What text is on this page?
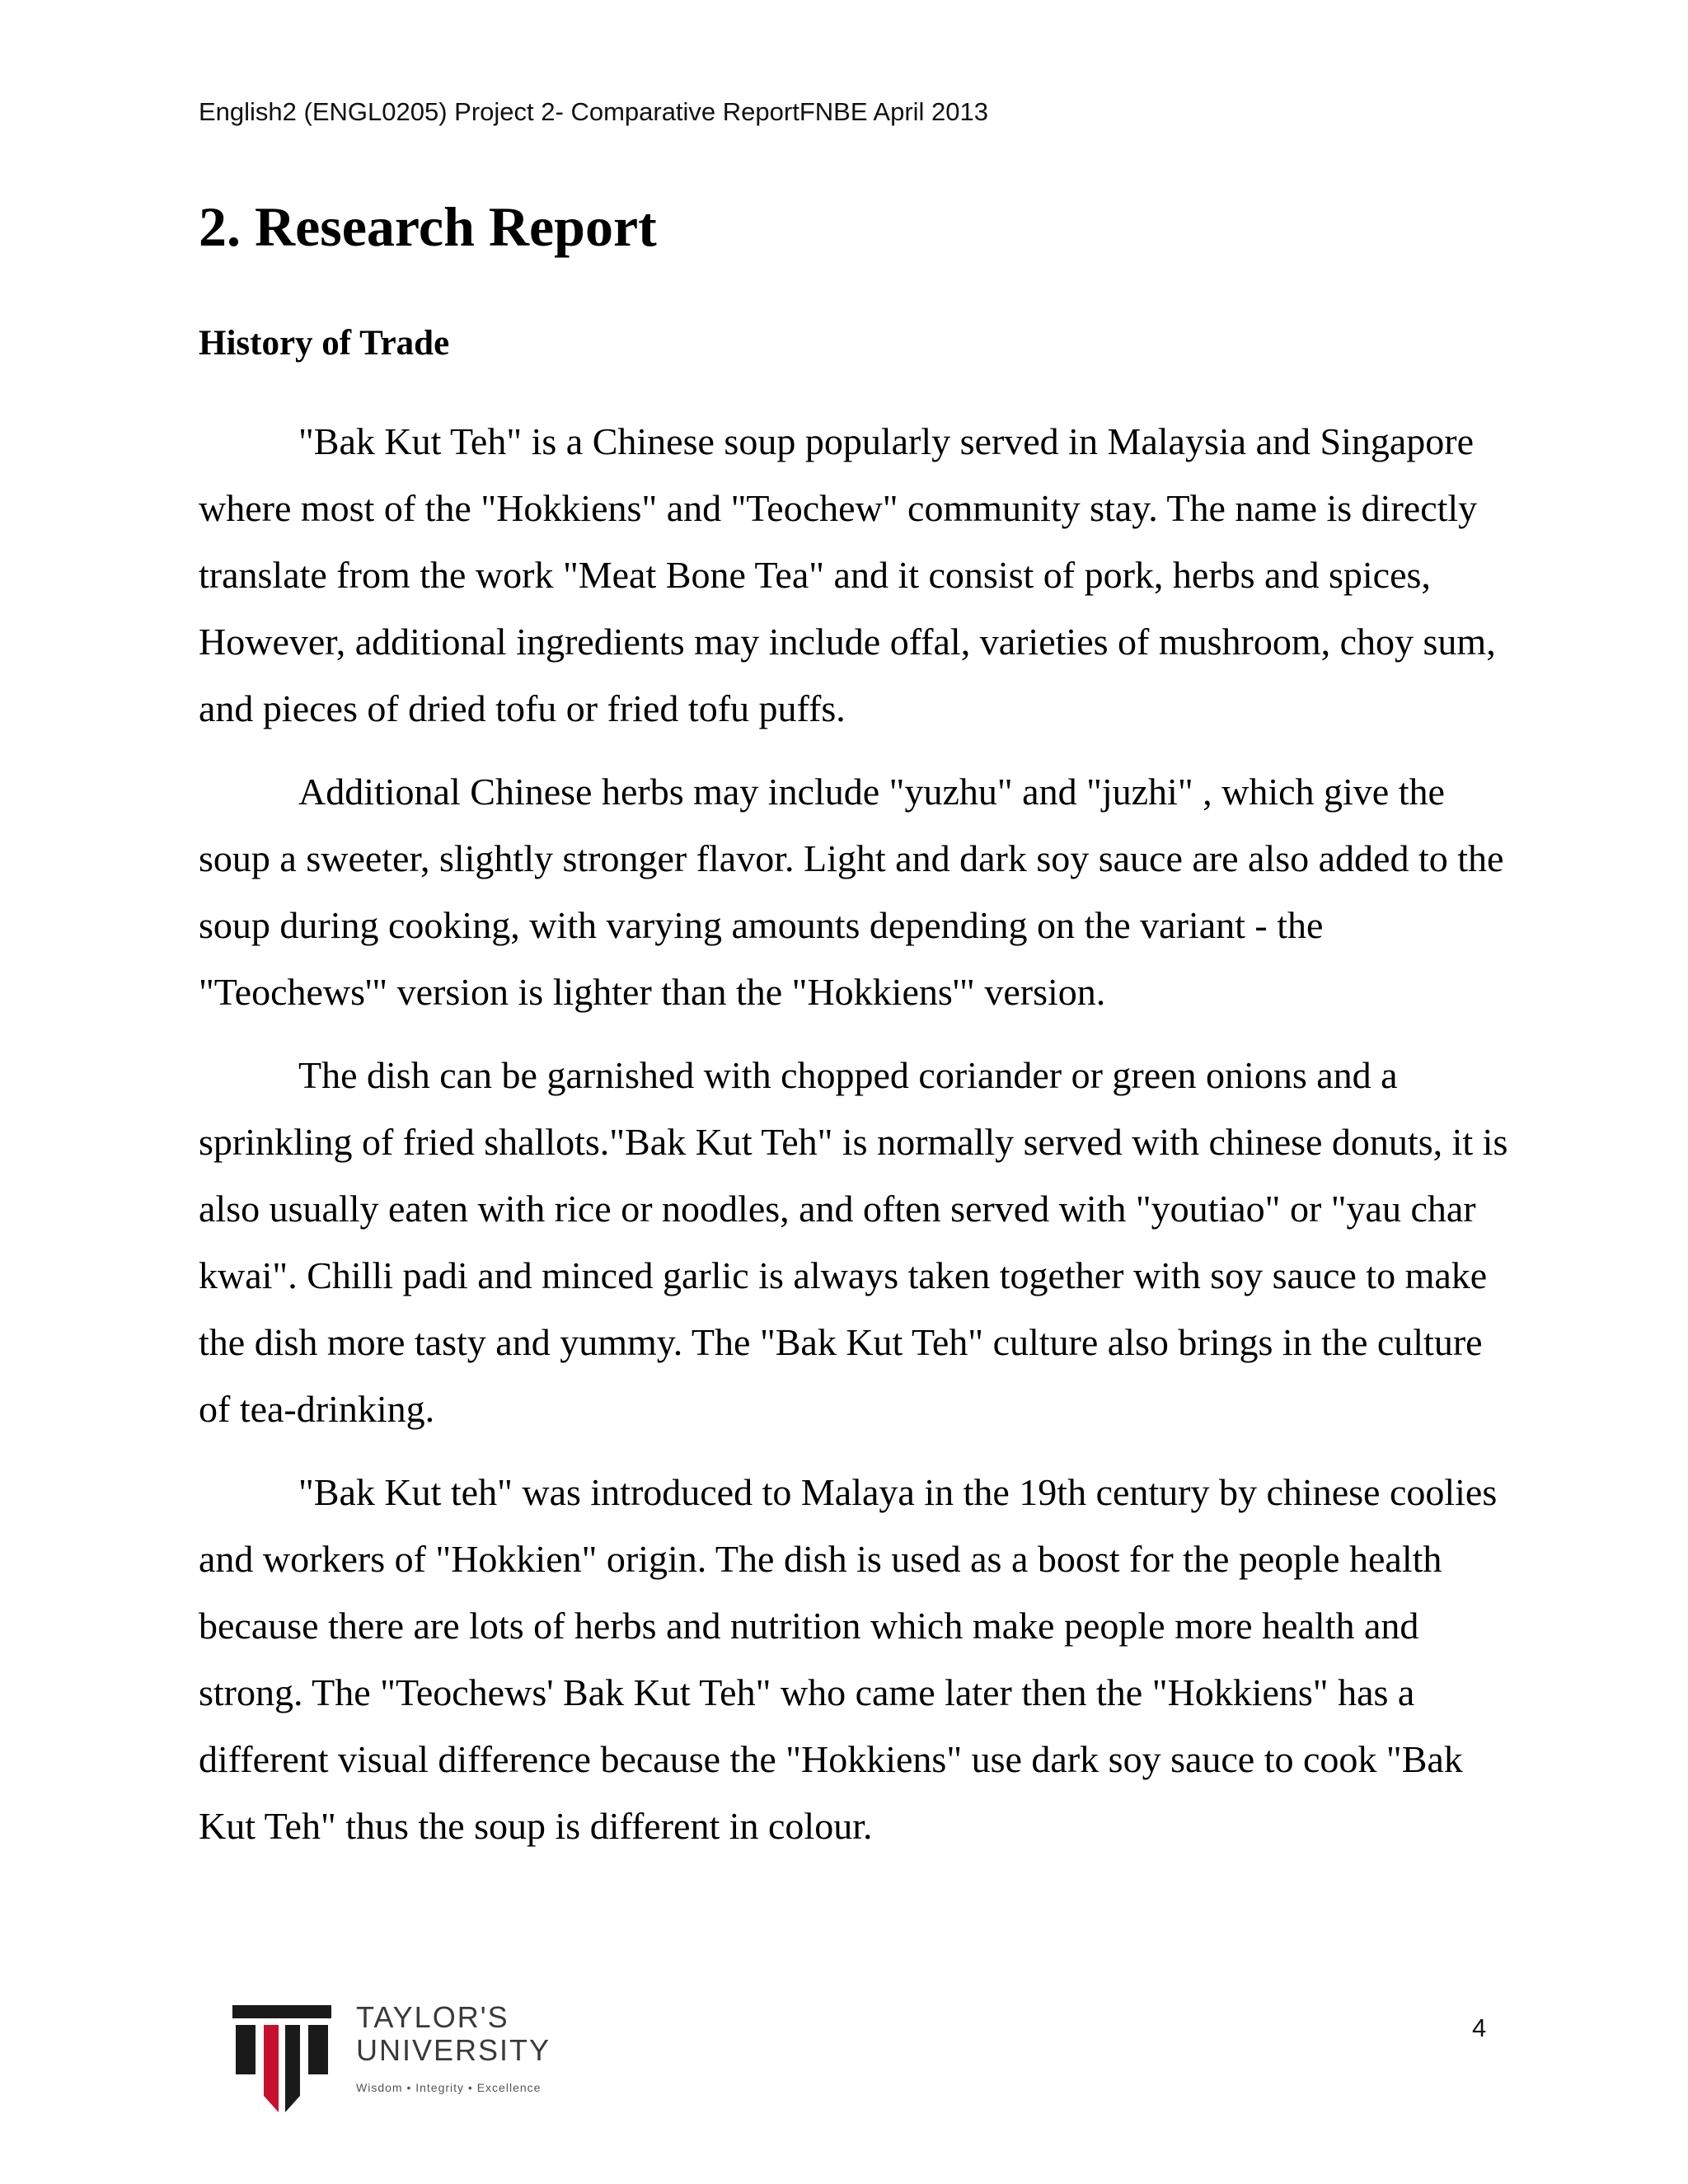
English2 (ENGL0205) Project 2- Comparative ReportFNBE April 2013
2. Research Report
History of Trade

"Bak Kut Teh" is a Chinese soup popularly served in Malaysia and Singapore where most of the "Hokkiens" and "Teochew" community stay. The name is directly translate from the work "Meat Bone Tea" and it consist of pork, herbs and spices, However, additional ingredients may include offal, varieties of mushroom, choy sum, and pieces of dried tofu or fried tofu puffs.

Additional Chinese herbs may include "yuzhu" and "juzhi" , which give the soup a sweeter, slightly stronger flavor. Light and dark soy sauce are also added to the soup during cooking, with varying amounts depending on the variant - the "Teochews'" version is lighter than the "Hokkiens'" version.

The dish can be garnished with chopped coriander or green onions and a sprinkling of fried shallots."Bak Kut Teh" is normally served with chinese donuts, it is also usually eaten with rice or noodles, and often served with "youtiao" or "yau char kwai". Chilli padi and minced garlic is always taken together with soy sauce to make the dish more tasty and yummy. The "Bak Kut Teh" culture also brings in the culture of tea-drinking.

"Bak Kut teh" was introduced to Malaya in the 19th century by chinese coolies and workers of "Hokkien" origin. The dish is used as a boost for the people health because there are lots of herbs and nutrition which make people more health and strong. The "Teochews' Bak Kut Teh" who came later then the "Hokkiens" has a different visual difference because the "Hokkiens" use dark soy sauce to cook "Bak Kut Teh" thus the soup is different in colour.

TAYLOR'S
UNIVERSITY
Wisdom • Integrity • Excellence
4
